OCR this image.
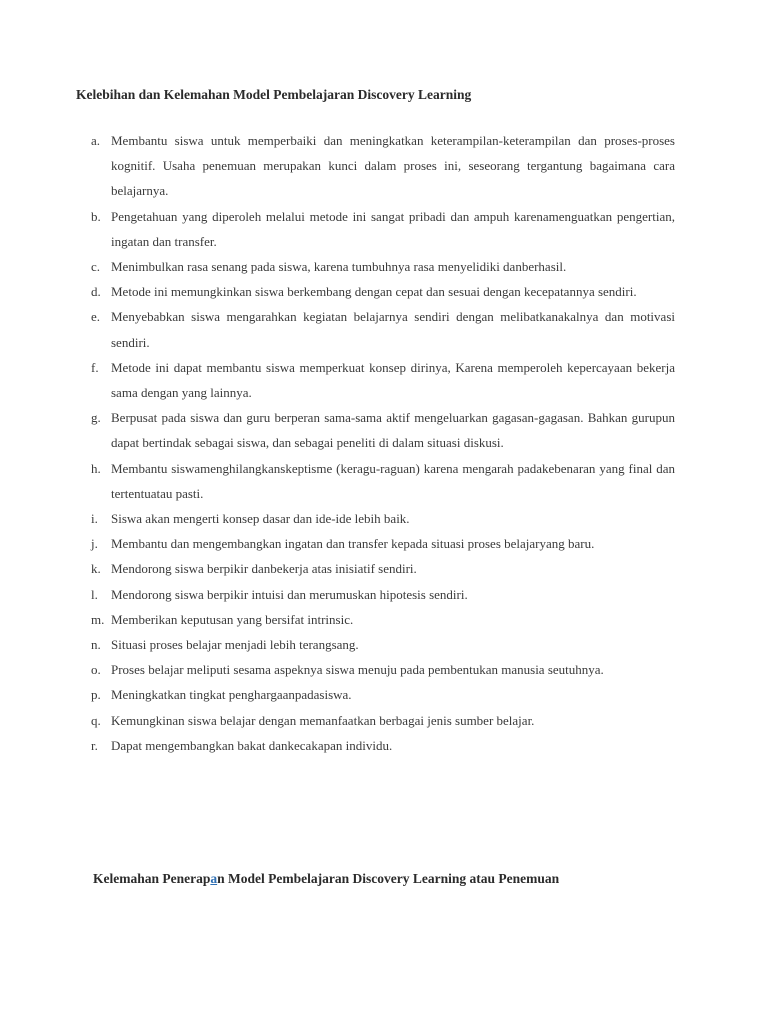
Kelebihan dan Kelemahan Model Pembelajaran Discovery Learning
a. Membantu siswa untuk memperbaiki dan meningkatkan keterampilan-keterampilan dan proses-proses kognitif. Usaha penemuan merupakan kunci dalam proses ini, seseorang tergantung bagaimana cara belajarnya.
b. Pengetahuan yang diperoleh melalui metode ini sangat pribadi dan ampuh karenamenguatkan pengertian, ingatan dan transfer.
c. Menimbulkan rasa senang pada siswa, karena tumbuhnya rasa menyelidiki danberhasil.
d. Metode ini memungkinkan siswa berkembang dengan cepat dan sesuai dengan kecepatannya sendiri.
e. Menyebabkan siswa mengarahkan kegiatan belajarnya sendiri dengan melibatkanakalnya dan motivasi sendiri.
f. Metode ini dapat membantu siswa memperkuat konsep dirinya, Karena memperoleh kepercayaan bekerja sama dengan yang lainnya.
g. Berpusat pada siswa dan guru berperan sama-sama aktif mengeluarkan gagasan-gagasan. Bahkan gurupun dapat bertindak sebagai siswa, dan sebagai peneliti di dalam situasi diskusi.
h. Membantu siswamenghilangkanskeptisme (keragu-raguan) karena mengarah padakebenaran yang final dan tertentuatau pasti.
i. Siswa akan mengerti konsep dasar dan ide-ide lebih baik.
j. Membantu dan mengembangkan ingatan dan transfer kepada situasi proses belajaryang baru.
k. Mendorong siswa berpikir danbekerja atas inisiatif sendiri.
l. Mendorong siswa berpikir intuisi dan merumuskan hipotesis sendiri.
m. Memberikan keputusan yang bersifat intrinsic.
n. Situasi proses belajar menjadi lebih terangsang.
o. Proses belajar meliputi sesama aspeknya siswa menuju pada pembentukan manusia seutuhnya.
p. Meningkatkan tingkat penghargaanpadasiswa.
q. Kemungkinan siswa belajar dengan memanfaatkan berbagai jenis sumber belajar.
r. Dapat mengembangkan bakat dankecakapan individu.
Kelemahan Penerapan Model Pembelajaran Discovery Learning atau Penemuan
